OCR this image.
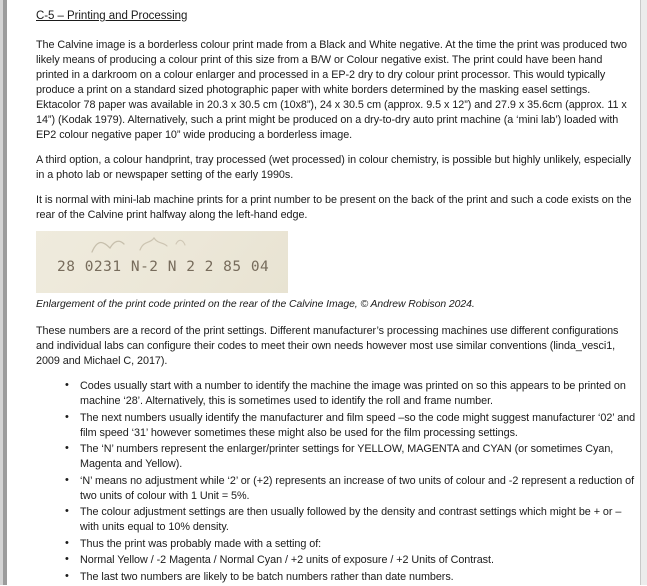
C-5 – Printing and Processing

The Calvine image is a borderless colour print made from a Black and White negative. At the time the print was produced two likely means of producing a colour print of this size from a B/W or Colour negative exist. The print could have been hand printed in a darkroom on a colour enlarger and processed in a EP-2 dry to dry colour print processor. This would typically produce a print on a standard sized photographic paper with white borders determined by the masking easel settings. Ektacolor 78 paper was available in 20.3 x 30.5 cm (10x8”), 24 x 30.5 cm (approx. 9.5 x 12”) and 27.9 x 35.6cm (approx. 11 x 14”) (Kodak 1979). Alternatively, such a print might be produced on a dry-to-dry auto print machine (a ‘mini lab’) loaded with EP2 colour negative paper 10” wide producing a borderless image.

A third option, a colour handprint, tray processed (wet processed) in colour chemistry, is possible but highly unlikely, especially in a photo lab or newspaper setting of the early 1990s.

It is normal with mini-lab machine prints for a print number to be present on the back of the print and such a code exists on the rear of the Calvine print halfway along the left-hand edge.

28 0231 N-2 N 2 2 85 04
Enlargement of the print code printed on the rear of the Calvine Image, © Andrew Robison 2024.

These numbers are a record of the print settings. Different manufacturer’s processing machines use different configurations and individual labs can configure their codes to meet their own needs however most use similar conventions (linda_vesci1, 2009 and Michael C, 2017).

• Codes usually start with a number to identify the machine the image was printed on so this appears to be printed on machine ‘28’. Alternatively, this is sometimes used to identify the roll and frame number.
• The next numbers usually identify the manufacturer and film speed –so the code might suggest manufacturer ‘02’ and film speed ‘31’ however sometimes these might also be used for the film processing settings.
• The ‘N’ numbers represent the enlarger/printer settings for YELLOW, MAGENTA and CYAN (or sometimes Cyan, Magenta and Yellow).
• ‘N’ means no adjustment while ‘2’ or (+2) represents an increase of two units of colour and -2 represent a reduction of two units of colour with 1 Unit = 5%.
• The colour adjustment settings are then usually followed by the density and contrast settings which might be + or – with units equal to 10% density.
• Thus the print was probably made with a setting of:
• Normal Yellow / -2 Magenta / Normal Cyan / +2 units of exposure / +2 Units of Contrast.
• The last two numbers are likely to be batch numbers rather than date numbers.
